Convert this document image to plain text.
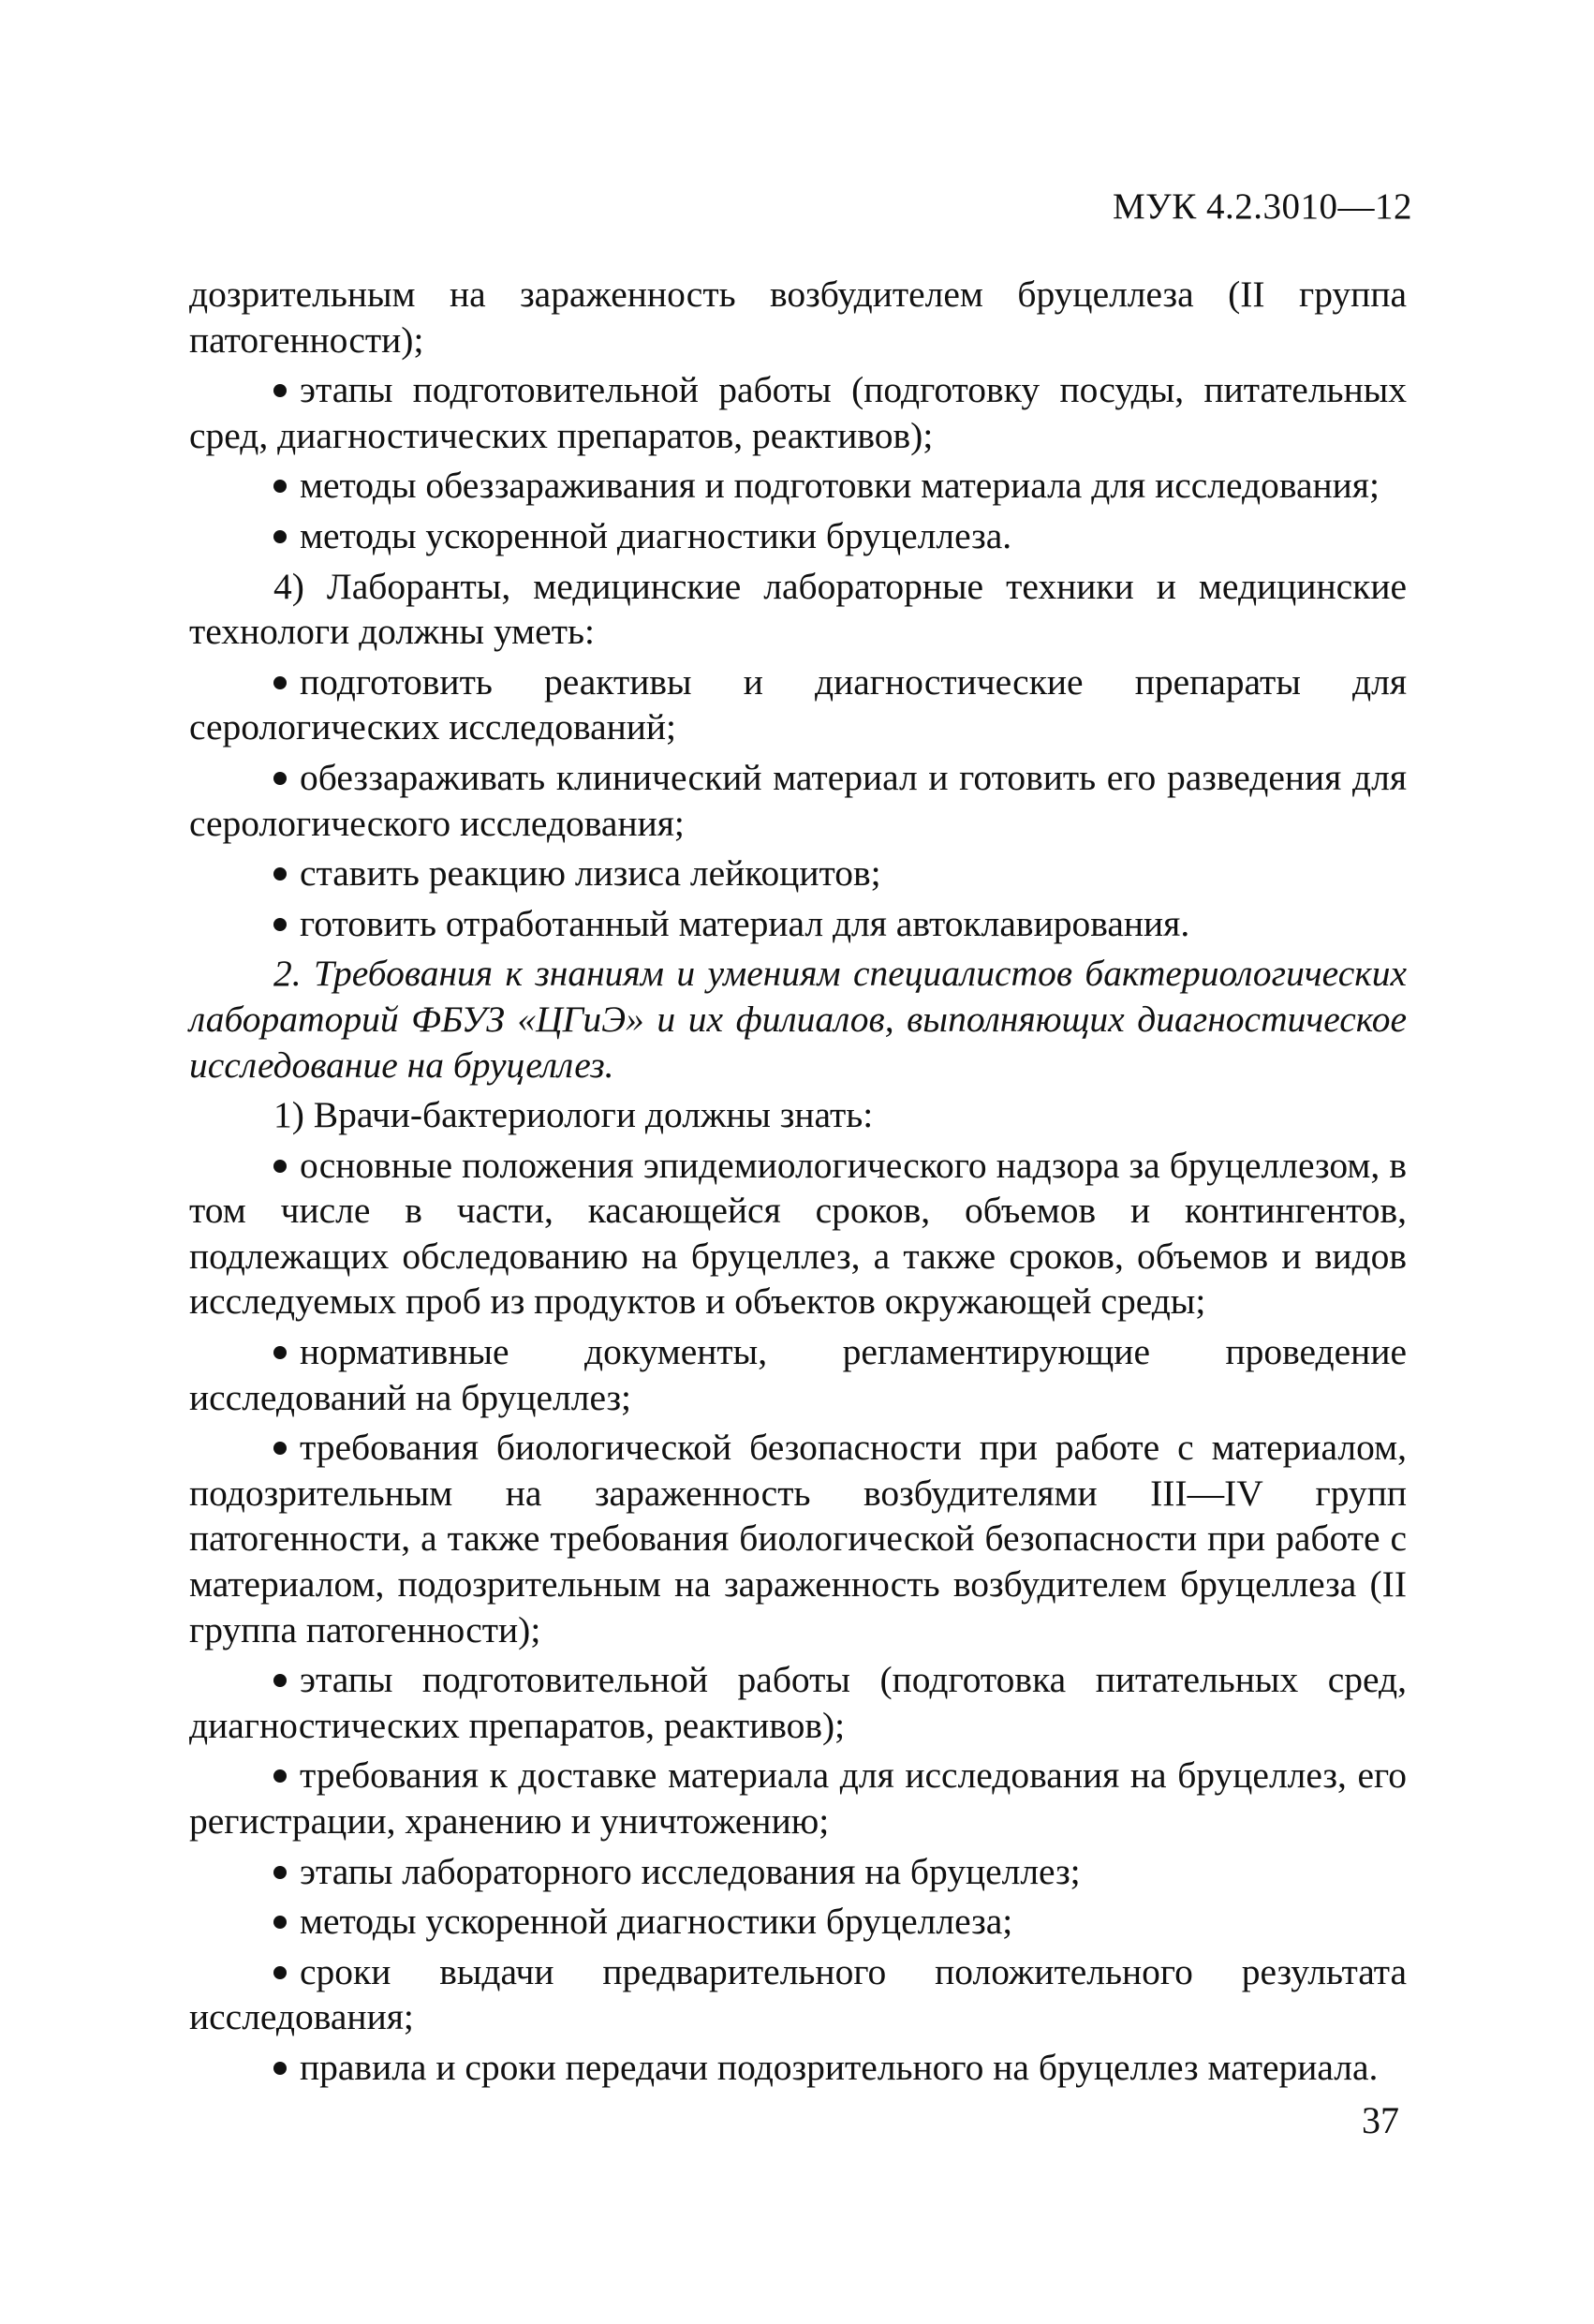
МУК 4.2.3010—12

дозрительным на зараженность возбудителем бруцеллеза (II группа патогенности);

этапы подготовительной работы (подготовку посуды, питательных сред, диагностических препаратов, реактивов);

методы обеззараживания и подготовки материала для исследования;

методы ускоренной диагностики бруцеллеза.

4) Лаборанты, медицинские лабораторные техники и медицинские технологи должны уметь:

подготовить реактивы и диагностические препараты для серологических исследований;

обеззараживать клинический материал и готовить его разведения для серологического исследования;

ставить реакцию лизиса лейкоцитов;

готовить отработанный материал для автоклавирования.

2. Требования к знаниям и умениям специалистов бактериологических лабораторий ФБУЗ «ЦГиЭ» и их филиалов, выполняющих диагностическое исследование на бруцеллез.

1) Врачи-бактериологи должны знать:

основные положения эпидемиологического надзора за бруцеллезом, в том числе в части, касающейся сроков, объемов и контингентов, подлежащих обследованию на бруцеллез, а также сроков, объемов и видов исследуемых проб из продуктов и объектов окружающей среды;

нормативные документы, регламентирующие проведение исследований на бруцеллез;

требования биологической безопасности при работе с материалом, подозрительным на зараженность возбудителями III—IV групп патогенности, а также требования биологической безопасности при работе с материалом, подозрительным на зараженность возбудителем бруцеллеза (II группа патогенности);

этапы подготовительной работы (подготовка питательных сред, диагностических препаратов, реактивов);

требования к доставке материала для исследования на бруцеллез, его регистрации, хранению и уничтожению;

этапы лабораторного исследования на бруцеллез;

методы ускоренной диагностики бруцеллеза;

сроки выдачи предварительного положительного результата исследования;

правила и сроки передачи подозрительного на бруцеллез материала.

37
